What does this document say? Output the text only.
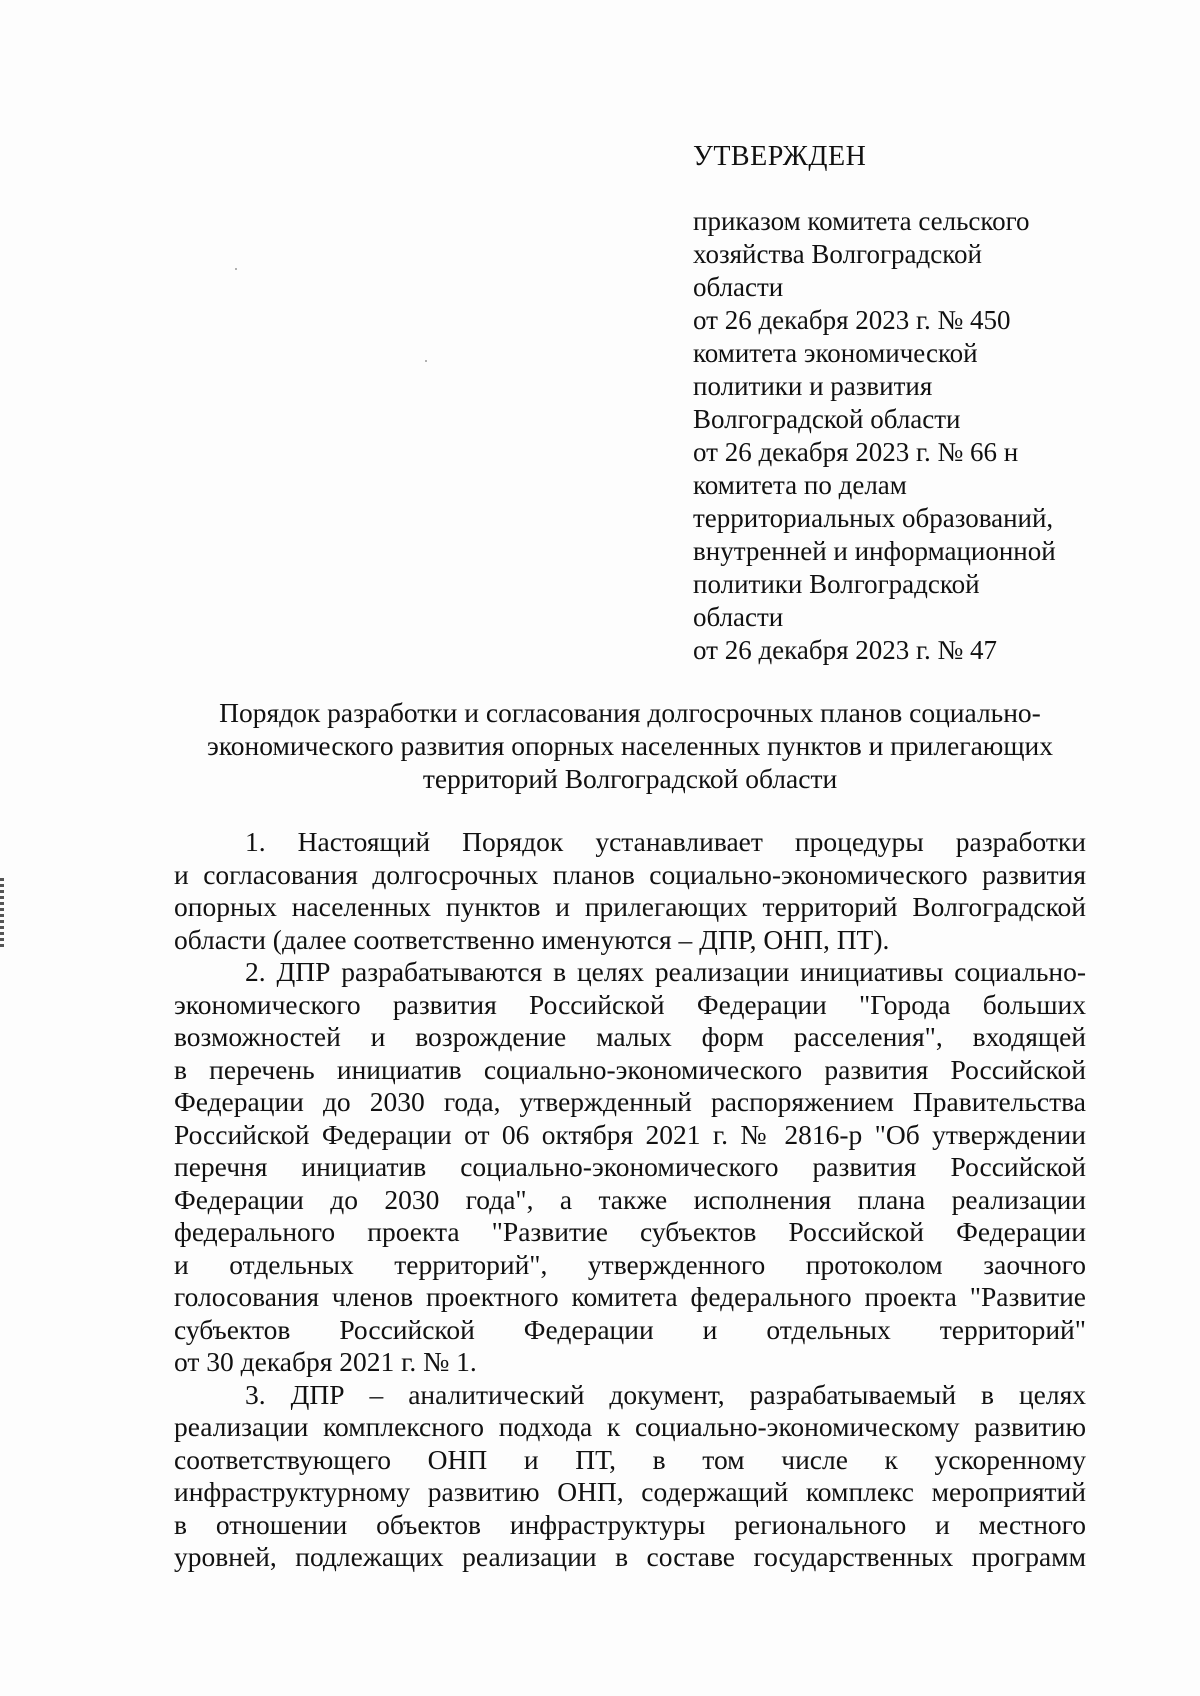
УТВЕРЖДЕН
приказом комитета сельского
хозяйства Волгоградской
области
от 26 декабря 2023 г. № 450
комитета экономической
политики и развития
Волгоградской области
от 26 декабря 2023 г. № 66 н
комитета по делам
территориальных образований,
внутренней и информационной
политики Волгоградской
области
от 26 декабря 2023 г. № 47
Порядок разработки и согласования долгосрочных планов социально-
экономического развития опорных населенных пунктов и прилегающих
территорий Волгоградской области
1. Настоящий Порядок устанавливает процедуры разработки
и согласования долгосрочных планов социально-экономического развития
опорных населенных пунктов и прилегающих территорий Волгоградской
области (далее соответственно именуются – ДПР, ОНП, ПТ).
2. ДПР разрабатываются в целях реализации инициативы социально-
экономического развития Российской Федерации "Города больших
возможностей и возрождение малых форм расселения", входящей
в перечень инициатив социально-экономического развития Российской
Федерации до 2030 года, утвержденный распоряжением Правительства
Российской Федерации от 06 октября 2021 г. № 2816-р "Об утверждении
перечня инициатив социально-экономического развития Российской
Федерации до 2030 года", а также исполнения плана реализации
федерального проекта "Развитие субъектов Российской Федерации
и отдельных территорий", утвержденного протоколом заочного
голосования членов проектного комитета федерального проекта "Развитие
субъектов Российской Федерации и отдельных территорий"
от 30 декабря 2021 г. № 1.
3. ДПР – аналитический документ, разрабатываемый в целях
реализации комплексного подхода к социально-экономическому развитию
соответствующего ОНП и ПТ, в том числе к ускоренному
инфраструктурному развитию ОНП, содержащий комплекс мероприятий
в отношении объектов инфраструктуры регионального и местного
уровней, подлежащих реализации в составе государственных программ
